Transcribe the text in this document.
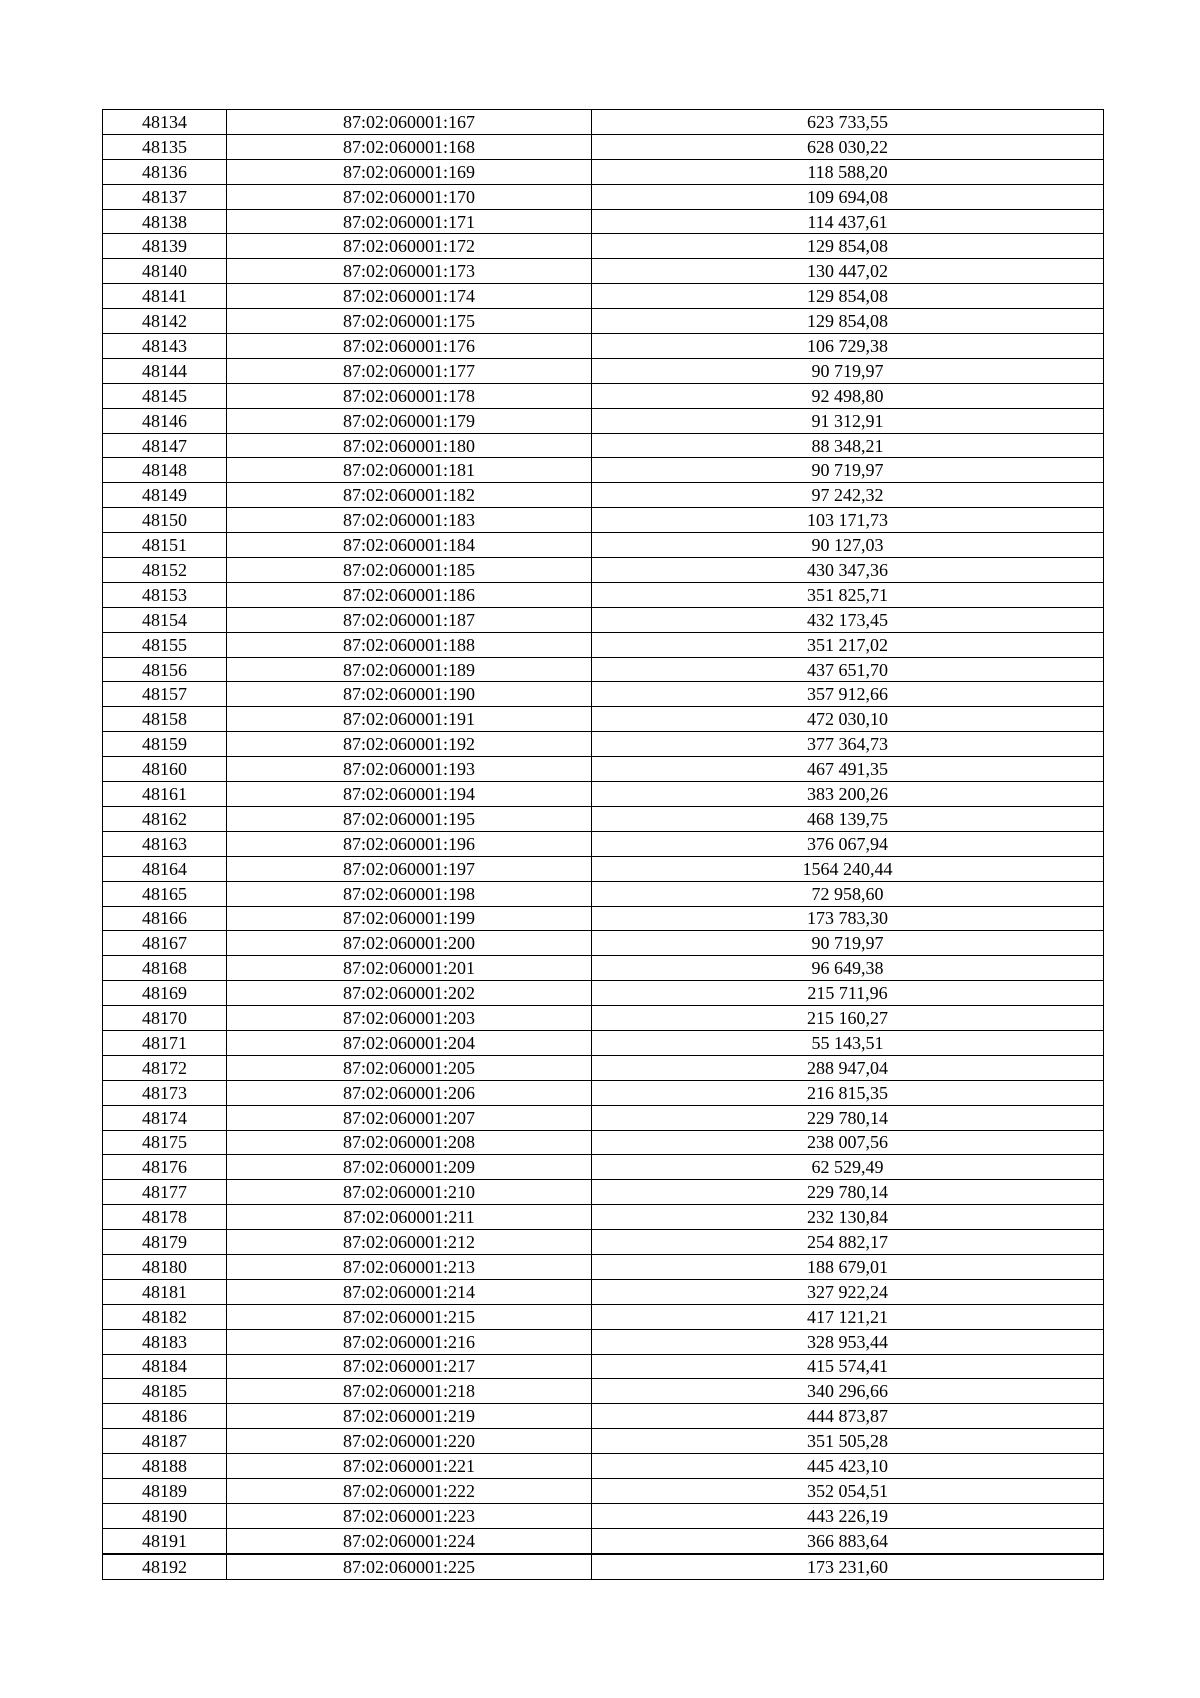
48134	87:02:060001:167	623 733,55
48135	87:02:060001:168	628 030,22
48136	87:02:060001:169	118 588,20
48137	87:02:060001:170	109 694,08
48138	87:02:060001:171	114 437,61
48139	87:02:060001:172	129 854,08
48140	87:02:060001:173	130 447,02
48141	87:02:060001:174	129 854,08
48142	87:02:060001:175	129 854,08
48143	87:02:060001:176	106 729,38
48144	87:02:060001:177	90 719,97
48145	87:02:060001:178	92 498,80
48146	87:02:060001:179	91 312,91
48147	87:02:060001:180	88 348,21
48148	87:02:060001:181	90 719,97
48149	87:02:060001:182	97 242,32
48150	87:02:060001:183	103 171,73
48151	87:02:060001:184	90 127,03
48152	87:02:060001:185	430 347,36
48153	87:02:060001:186	351 825,71
48154	87:02:060001:187	432 173,45
48155	87:02:060001:188	351 217,02
48156	87:02:060001:189	437 651,70
48157	87:02:060001:190	357 912,66
48158	87:02:060001:191	472 030,10
48159	87:02:060001:192	377 364,73
48160	87:02:060001:193	467 491,35
48161	87:02:060001:194	383 200,26
48162	87:02:060001:195	468 139,75
48163	87:02:060001:196	376 067,94
48164	87:02:060001:197	1564 240,44
48165	87:02:060001:198	72 958,60
48166	87:02:060001:199	173 783,30
48167	87:02:060001:200	90 719,97
48168	87:02:060001:201	96 649,38
48169	87:02:060001:202	215 711,96
48170	87:02:060001:203	215 160,27
48171	87:02:060001:204	55 143,51
48172	87:02:060001:205	288 947,04
48173	87:02:060001:206	216 815,35
48174	87:02:060001:207	229 780,14
48175	87:02:060001:208	238 007,56
48176	87:02:060001:209	62 529,49
48177	87:02:060001:210	229 780,14
48178	87:02:060001:211	232 130,84
48179	87:02:060001:212	254 882,17
48180	87:02:060001:213	188 679,01
48181	87:02:060001:214	327 922,24
48182	87:02:060001:215	417 121,21
48183	87:02:060001:216	328 953,44
48184	87:02:060001:217	415 574,41
48185	87:02:060001:218	340 296,66
48186	87:02:060001:219	444 873,87
48187	87:02:060001:220	351 505,28
48188	87:02:060001:221	445 423,10
48189	87:02:060001:222	352 054,51
48190	87:02:060001:223	443 226,19
48191	87:02:060001:224	366 883,64
48192	87:02:060001:225	173 231,60
